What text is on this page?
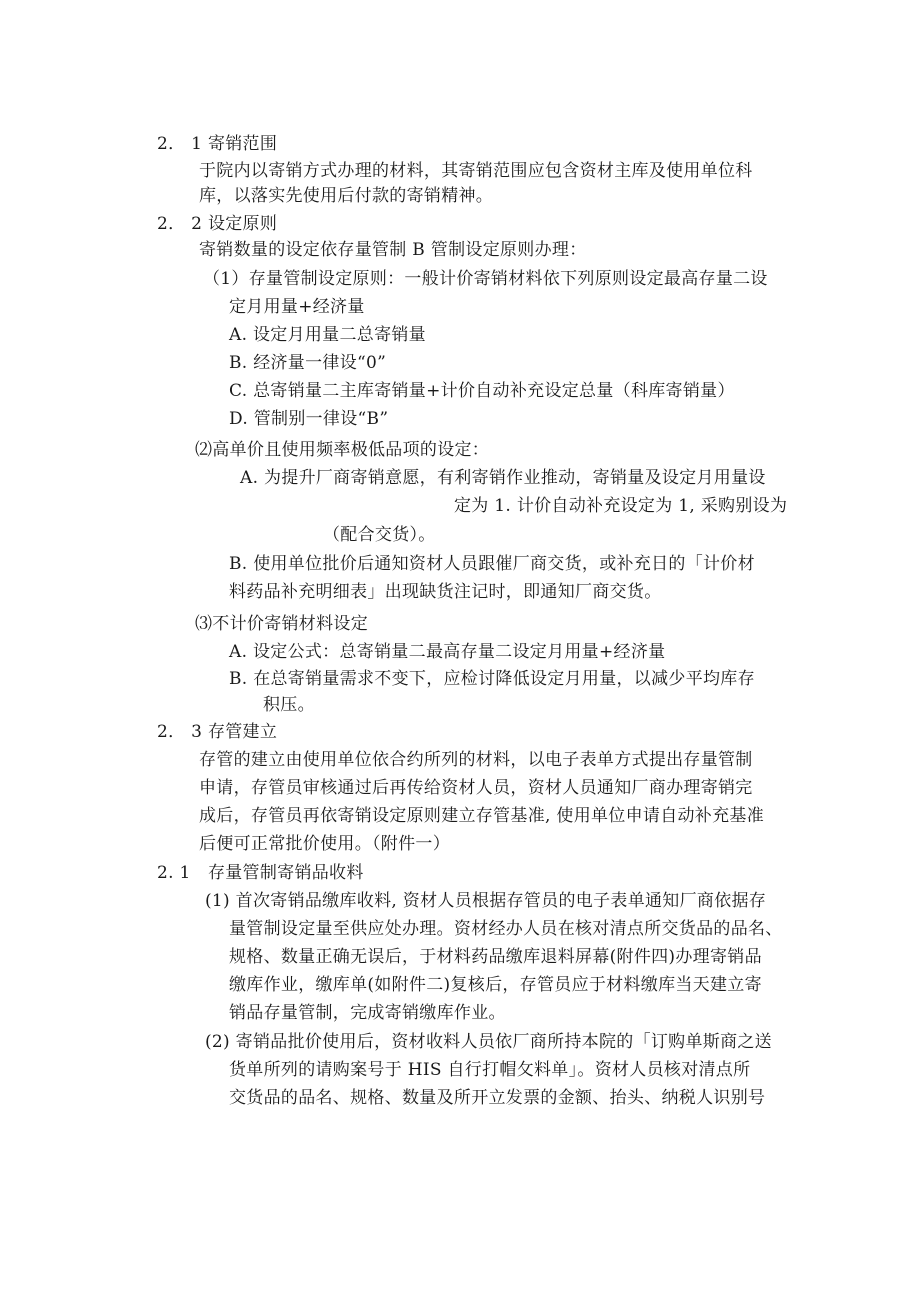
2． 1 寄销范围
于院内以寄销方式办理的材料，其寄销范围应包含资材主库及使用单位科
库，以落实先使用后付款的寄销精神。
2． 2 设定原则
寄销数量的设定依存量管制 B 管制设定原则办理：
（1）存量管制设定原则：一般计价寄销材料依下列原则设定最高存量二设
定月用量+经济量
A. 设定月用量二总寄销量
B. 经济量一律设“0”
C. 总寄销量二主库寄销量+计价自动补充设定总量（科库寄销量）
D. 管制别一律设“B”
⑵高单价且使用频率极低品项的设定：
A. 为提升厂商寄销意愿，有利寄销作业推动，寄销量及设定月用量设
定为 1. 计价自动补充设定为 1, 采购别设为
（配合交货）。
B. 使用单位批价后通知资材人员跟催厂商交货，或补充日的「计价材
料药品补充明细表」出现缺货注记时，即通知厂商交货。
⑶不计价寄销材料设定
A. 设定公式：总寄销量二最高存量二设定月用量+经济量
B. 在总寄销量需求不变下，应检讨降低设定月用量，以减少平均库存
积压。
2． 3 存管建立
存管的建立由使用单位依合约所列的材料，以电子表单方式提出存量管制
申请，存管员审核通过后再传给资材人员，资材人员通知厂商办理寄销完
成后，存管员再依寄销设定原则建立存管基准, 使用单位申请自动补充基准
后便可正常批价使用。（附件一）
2. 1　存量管制寄销品收料
(1) 首次寄销品缴库收料, 资材人员根据存管员的电子表单通知厂商依据存
量管制设定量至供应处办理。资材经办人员在核对清点所交货品的品名、
规格、数量正确无误后，于材料药品缴库退料屏幕(附件四)办理寄销品
缴库作业，缴库单(如附件二)复核后，存管员应于材料缴库当天建立寄
销品存量管制，完成寄销缴库作业。
(2) 寄销品批价使用后，资材收料人员依厂商所持本院的「订购单斯商之送
货单所列的请购案号于 HIS 自行打帽攵料单」。资材人员核对清点所
交货品的品名、规格、数量及所开立发票的金额、抬头、纳税人识别号
